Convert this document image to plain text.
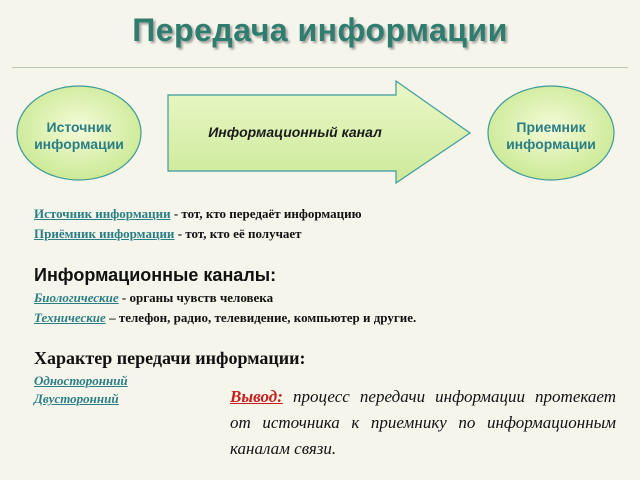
Передача информации
Источник
информации
Информационный канал	Приемник
информации
Источник информации - тот, кто передаёт информацию
Приёмник информации - тот, кто её получает
Информационные каналы:
Биологические - органы чувств человека
Технические – телефон, радио, телевидение, компьютер и другие.
Характер передачи информации:
Односторонний
Двусторонний	Вывод: процесс передачи информации протекает от источника к приемнику по информационным каналам связи.
